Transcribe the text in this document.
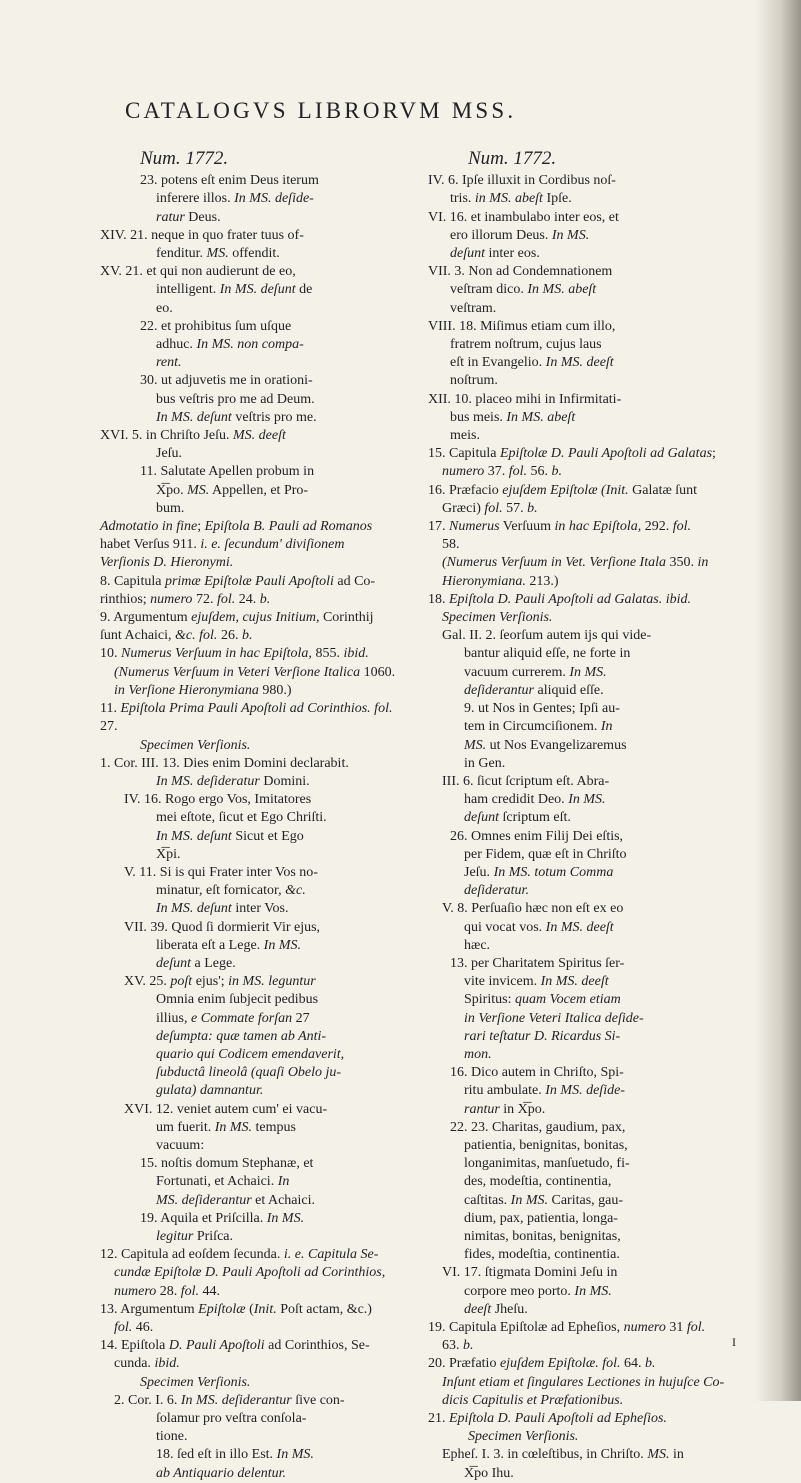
CATALOGVS LIBRORVM MSS.
Num. 1772.

23. potens eſt enim Deus iterum

inferere illos. In MS. deſide-

ratur Deus.

XIV. 21. neque in quo frater tuus of-

fenditur. MS. offendit.

XV. 21. et qui non audierunt de eo,

intelligent. In MS. deſunt de

eo.

22. et prohibitus ſum uſque

adhuc. In MS. non compa-

rent.

30. ut adjuvetis me in orationi-

bus veſtris pro me ad Deum.

In MS. deſunt veſtris pro me.

XVI. 5. in Chriſto Jeſu. MS. deeſt

Jeſu.

11. Salutate Apellen probum in

X͞po. MS. Appellen, et Pro-

bum.

Admotatio in fine; Epiſtola B. Pauli ad Romanos

habet Verſus 911. i. e. ſecundum' diviſionem

Verſionis D. Hieronymi.

8. Capitula primæ Epiſtolæ Pauli Apoſtoli ad Co-

rinthios; numero 72. fol. 24. b.

9. Argumentum ejuſdem, cujus Initium, Corinthij

ſunt Achaici, &c. fol. 26. b.

10. Numerus Verſuum in hac Epiſtola, 855. ibid.

(Numerus Verſuum in Veteri Verſione Italica 1060.

in Verſione Hieronymiana 980.)

11. Epiſtola Prima Pauli Apoſtoli ad Corinthios. fol.

27.

Specimen Verſionis.

1. Cor. III. 13. Dies enim Domini declarabit.

In MS. deſideratur Domini.

IV. 16. Rogo ergo Vos, Imitatores

mei eſtote, ſicut et Ego Chriſti.

In MS. deſunt Sicut et Ego

X͞pi.

V. 11. Si is qui Frater inter Vos no-

minatur, eſt fornicator, &c.

In MS. deſunt inter Vos.

VII. 39. Quod ſi dormierit Vir ejus,

liberata eſt a Lege. In MS.

deſunt a Lege.

XV. 25. poſt ejus'; in MS. leguntur

Omnia enim ſubjecit pedibus

illius, e Commate forſan 27

deſumpta: quæ tamen ab Anti-

quario qui Codicem emendaverit,

ſubductâ lineolâ (quaſi Obelo ju-

gulata) damnantur.

XVI. 12. veniet autem cum' ei vacu-

um fuerit. In MS. tempus

vacuum:

15. noſtis domum Stephanæ, et

Fortunati, et Achaici. In

MS. deſiderantur et Achaici.

19. Aquila et Priſcilla. In MS.

legitur Priſca.

12. Capitula ad eoſdem ſecunda. i. e. Capitula Se-

cundæ Epiſtolæ D. Pauli Apoſtoli ad Corinthios,

numero 28. fol. 44.

13. Argumentum Epiſtolæ (Init. Poſt actam, &c.)

fol. 46.

14. Epiſtola D. Pauli Apoſtoli ad Corinthios, Se-

cunda. ibid.

Specimen Verſionis.

2. Cor. I. 6. In MS. deſiderantur ſive con-

ſolamur pro veſtra conſola-

tione.

18. ſed eſt in illo Est. In MS.

ab Antiquario delentur.

Num. 1772.

IV. 6. Ipſe illuxit in Cordibus noſ-

tris. in MS. abeſt Ipſe.

VI. 16. et inambulabo inter eos, et

ero illorum Deus. In MS.

deſunt inter eos.

VII. 3. Non ad Condemnationem

veſtram dico. In MS. abeſt

veſtram.

VIII. 18. Miſimus etiam cum illo,

fratrem noſtrum, cujus laus

eſt in Evangelio. In MS. deeſt

noſtrum.

XII. 10. placeo mihi in Infirmitati-

bus meis. In MS. abeſt

meis.

15. Capitula Epiſtolæ D. Pauli Apoſtoli ad Galatas;

numero 37. fol. 56. b.

16. Præfacio ejuſdem Epiſtolæ (Init. Galatæ ſunt

Græci) fol. 57. b.

17. Numerus Verſuum in hac Epiſtola, 292. fol.

58.

(Numerus Verſuum in Vet. Verſione Itala 350. in

Hieronymiana. 213.)

18. Epiſtola D. Pauli Apoſtoli ad Galatas. ibid.

Specimen Verſionis.

Gal. II. 2. ſeorſum autem ijs qui vide-

bantur aliquid eſſe, ne forte in

vacuum currerem. In MS.

deſiderantur aliquid eſſe.

9. ut Nos in Gentes; Ipſi au-

tem in Circumciſionem. In

MS. ut Nos Evangelizaremus

in Gen.

III. 6. ſicut ſcriptum eſt. Abra-

ham credidit Deo. In MS.

deſunt ſcriptum eſt.

26. Omnes enim Filij Dei eſtis,

per Fidem, quæ eſt in Chriſto

Jeſu. In MS. totum Comma

deſideratur.

V. 8. Perſuaſio hæc non eſt ex eo

qui vocat vos. In MS. deeſt

hæc.

13. per Charitatem Spiritus ſer-

vite invicem. In MS. deeſt

Spiritus: quam Vocem etiam

in Verſione Veteri Italica deſide-

rari teſtatur D. Ricardus Si-

mon.

16. Dico autem in Chriſto, Spi-

ritu ambulate. In MS. deſide-

rantur in X͞po.

22. 23. Charitas, gaudium, pax,

patientia, benignitas, bonitas,

longanimitas, manſuetudo, fi-

des, modeſtia, continentia,

caſtitas. In MS. Caritas, gau-

dium, pax, patientia, longa-

nimitas, bonitas, benignitas,

fides, modeſtia, continentia.

VI. 17. ſtigmata Domini Jeſu in

corpore meo porto. In MS.

deeſt Jheſu.

19. Capitula Epiſtolæ ad Epheſios, numero 31 fol.

63. b.

20. Præfatio ejuſdem Epiſtolæ. fol. 64. b.

Inſunt etiam et ſingulares Lectiones in hujuſce Co-

dicis Capitulis et Præfationibus.

21. Epiſtola D. Pauli Apoſtoli ad Epheſios.

Specimen Verſionis.

Epheſ. I. 3. in cœleſtibus, in Chriſto. MS. in

X͞po Ihu.

I
